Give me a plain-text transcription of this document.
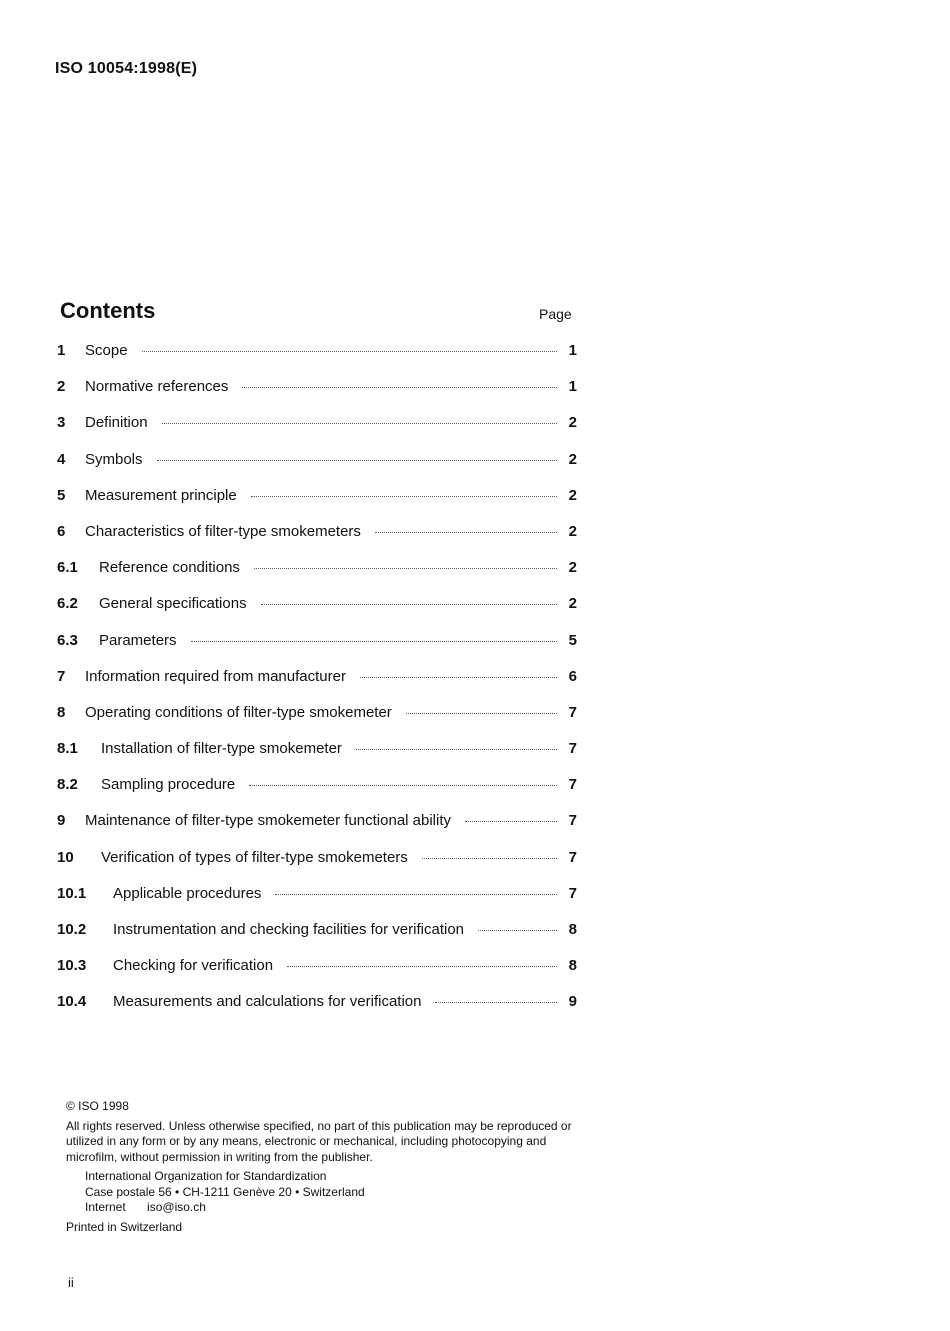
ISO 10054:1998(E)
Contents	Page
1	Scope	1
2	Normative references	1
3	Definition	2
4	Symbols	2
5	Measurement principle	2
6	Characteristics of filter-type smokemeters	2
6.1	Reference conditions	2
6.2	General specifications	2
6.3	Parameters	5
7	Information required from manufacturer	6
8	Operating conditions of filter-type smokemeter	7
8.1	Installation of filter-type smokemeter	7
8.2	Sampling procedure	7
9	Maintenance of filter-type smokemeter functional ability	7
10	Verification of types of filter-type smokemeters	7
10.1	Applicable procedures	7
10.2	Instrumentation and checking facilities for verification	8
10.3	Checking for verification	8
10.4	Measurements and calculations for verification	9

© ISO 1998

All rights reserved. Unless otherwise specified, no part of this publication may be reproduced or utilized in any form or by any means, electronic or mechanical, including photocopying and microfilm, without permission in writing from the publisher.

International Organization for Standardization

Case postale 56 • CH-1211 Genève 20 • Switzerland

Internet iso@iso.ch

Printed in Switzerland

ii
